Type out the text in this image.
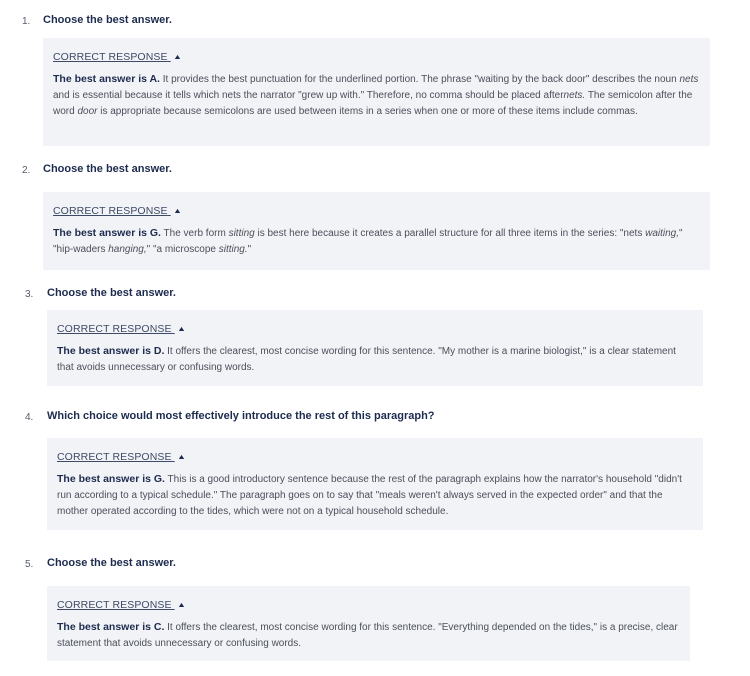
1. Choose the best answer.
CORRECT RESPONSE ▲
The best answer is A. It provides the best punctuation for the underlined portion. The phrase "waiting by the back door" describes the noun nets and is essential because it tells which nets the narrator "grew up with." Therefore, no comma should be placed afternets. The semicolon after the word door is appropriate because semicolons are used between items in a series when one or more of these items include commas.
2. Choose the best answer.
CORRECT RESPONSE ▲
The best answer is G. The verb form sitting is best here because it creates a parallel structure for all three items in the series: "nets waiting," "hip-waders hanging," "a microscope sitting."
3. Choose the best answer.
CORRECT RESPONSE ▲
The best answer is D. It offers the clearest, most concise wording for this sentence. "My mother is a marine biologist," is a clear statement that avoids unnecessary or confusing words.
4. Which choice would most effectively introduce the rest of this paragraph?
CORRECT RESPONSE ▲
The best answer is G. This is a good introductory sentence because the rest of the paragraph explains how the narrator's household "didn't run according to a typical schedule." The paragraph goes on to say that "meals weren't always served in the expected order" and that the mother operated according to the tides, which were not on a typical household schedule.
5. Choose the best answer.
CORRECT RESPONSE ▲
The best answer is C. It offers the clearest, most concise wording for this sentence. "Everything depended on the tides," is a precise, clear statement that avoids unnecessary or confusing words.
